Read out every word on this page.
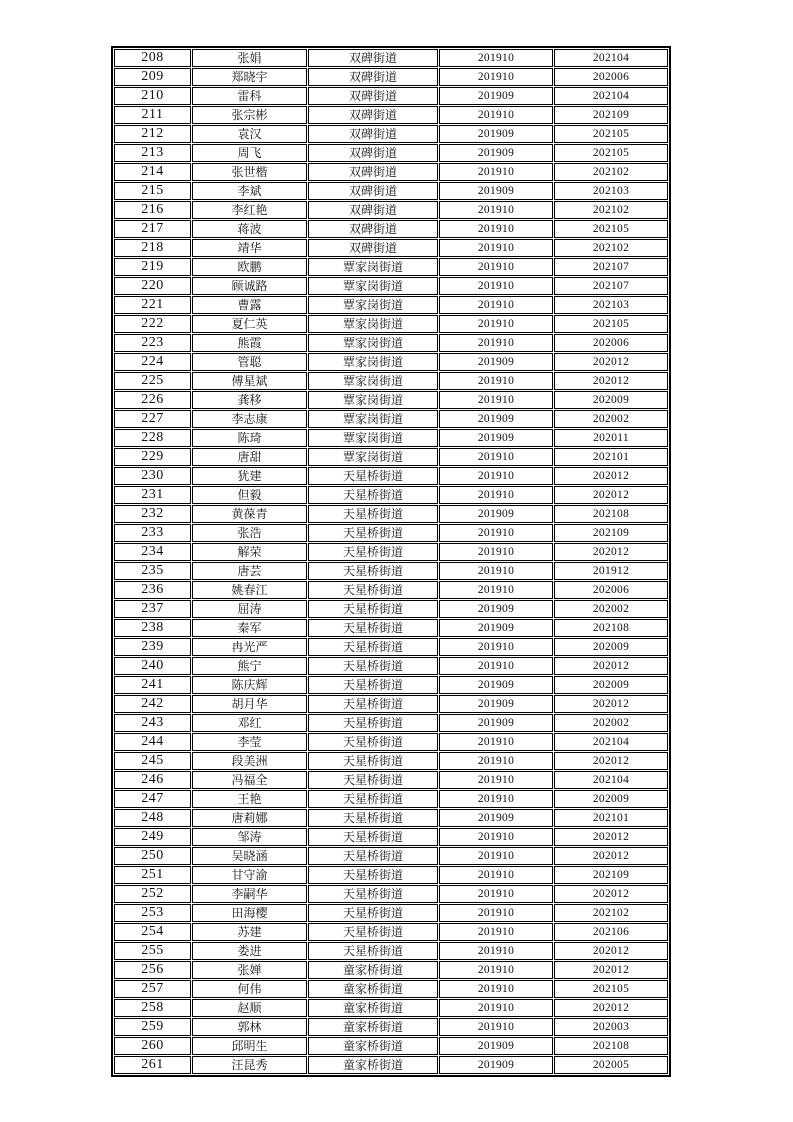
208	张娟	双碑街道	201910	202104
209	郑晓宇	双碑街道	201910	202006
210	雷科	双碑街道	201909	202104
211	张宗彬	双碑街道	201910	202109
212	袁汉	双碑街道	201909	202105
213	周飞	双碑街道	201909	202105
214	张世楷	双碑街道	201910	202102
215	李斌	双碑街道	201909	202103
216	李红艳	双碑街道	201910	202102
217	蒋波	双碑街道	201910	202105
218	靖华	双碑街道	201910	202102
219	欧鹏	覃家岗街道	201910	202107
220	顾诚路	覃家岗街道	201910	202107
221	曹露	覃家岗街道	201910	202103
222	夏仁英	覃家岗街道	201910	202105
223	熊霞	覃家岗街道	201910	202006
224	管聪	覃家岗街道	201909	202012
225	傅星斌	覃家岗街道	201910	202012
226	龚移	覃家岗街道	201910	202009
227	李志康	覃家岗街道	201909	202002
228	陈琦	覃家岗街道	201909	202011
229	唐甜	覃家岗街道	201910	202101
230	犹建	天星桥街道	201910	202012
231	但毅	天星桥街道	201910	202012
232	黄葆青	天星桥街道	201909	202108
233	张浩	天星桥街道	201910	202109
234	解荣	天星桥街道	201910	202012
235	唐芸	天星桥街道	201910	201912
236	姚春江	天星桥街道	201910	202006
237	屈涛	天星桥街道	201909	202002
238	秦军	天星桥街道	201909	202108
239	冉光严	天星桥街道	201910	202009
240	熊宁	天星桥街道	201910	202012
241	陈庆辉	天星桥街道	201909	202009
242	胡月华	天星桥街道	201909	202012
243	邓红	天星桥街道	201909	202002
244	李莹	天星桥街道	201910	202104
245	段美洲	天星桥街道	201910	202012
246	冯福全	天星桥街道	201910	202104
247	王艳	天星桥街道	201910	202009
248	唐莉娜	天星桥街道	201909	202101
249	邹涛	天星桥街道	201910	202012
250	吴晓涵	天星桥街道	201910	202012
251	甘守渝	天星桥街道	201910	202109
252	李嗣华	天星桥街道	201910	202012
253	田海樱	天星桥街道	201910	202102
254	苏建	天星桥街道	201910	202106
255	娄进	天星桥街道	201910	202012
256	张婵	童家桥街道	201910	202012
257	何伟	童家桥街道	201910	202105
258	赵顺	童家桥街道	201910	202012
259	郭林	童家桥街道	201910	202003
260	邱明生	童家桥街道	201909	202108
261	汪昆秀	童家桥街道	201909	202005
